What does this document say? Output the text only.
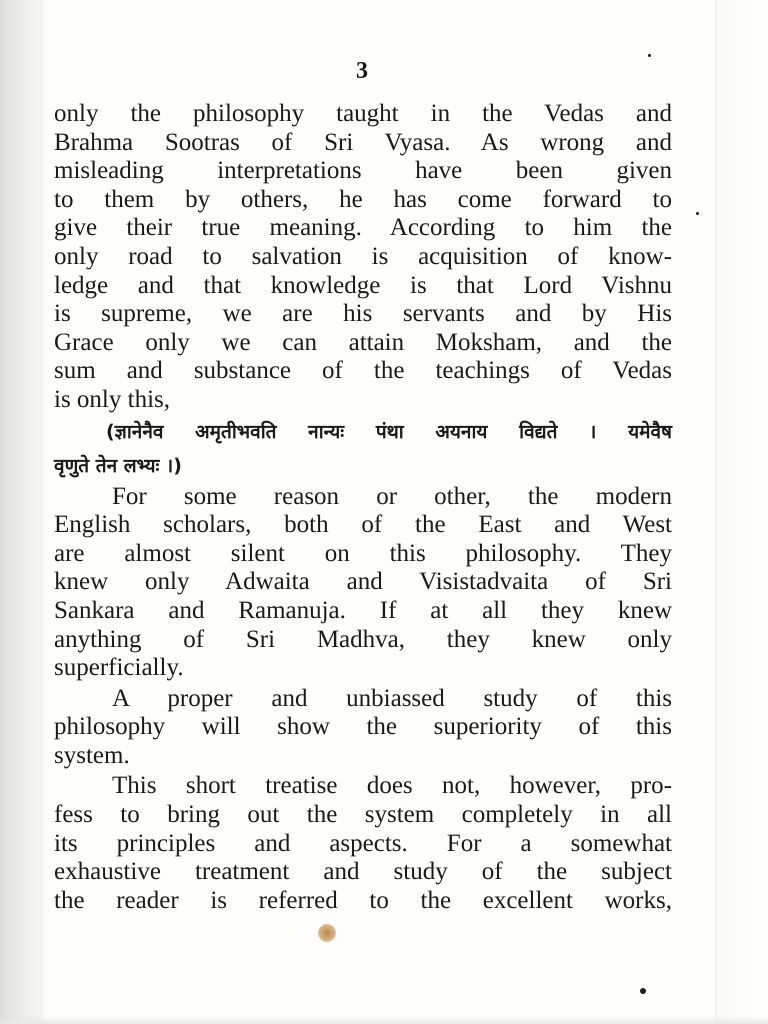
3
only the philosophy taught in the Vedas and
Brahma Sootras of Sri Vyasa. As wrong and
misleading interpretations have been given
to them by others, he has come forward to
give their true meaning. According to him the
only road to salvation is acquisition of know-
ledge and that knowledge is that Lord Vishnu
is supreme, we are his servants and by His
Grace only we can attain Moksham, and the
sum and substance of the teachings of Vedas
is only this,
(ज्ञानेनैव अमृतीभवति नान्यः पंथा अयनाय विद्यते । यमेवैष
वृणुते तेन लभ्यः ।)
For some reason or other, the modern
English scholars, both of the East and West
are almost silent on this philosophy. They
knew only Adwaita and Visistadvaita of Sri
Sankara and Ramanuja. If at all they knew
anything of Sri Madhva, they knew only
superficially.
A proper and unbiassed study of this
philosophy will show the superiority of this
system.
This short treatise does not, however, pro-
fess to bring out the system completely in all
its principles and aspects. For a somewhat
exhaustive treatment and study of the subject
the reader is referred to the excellent works,
